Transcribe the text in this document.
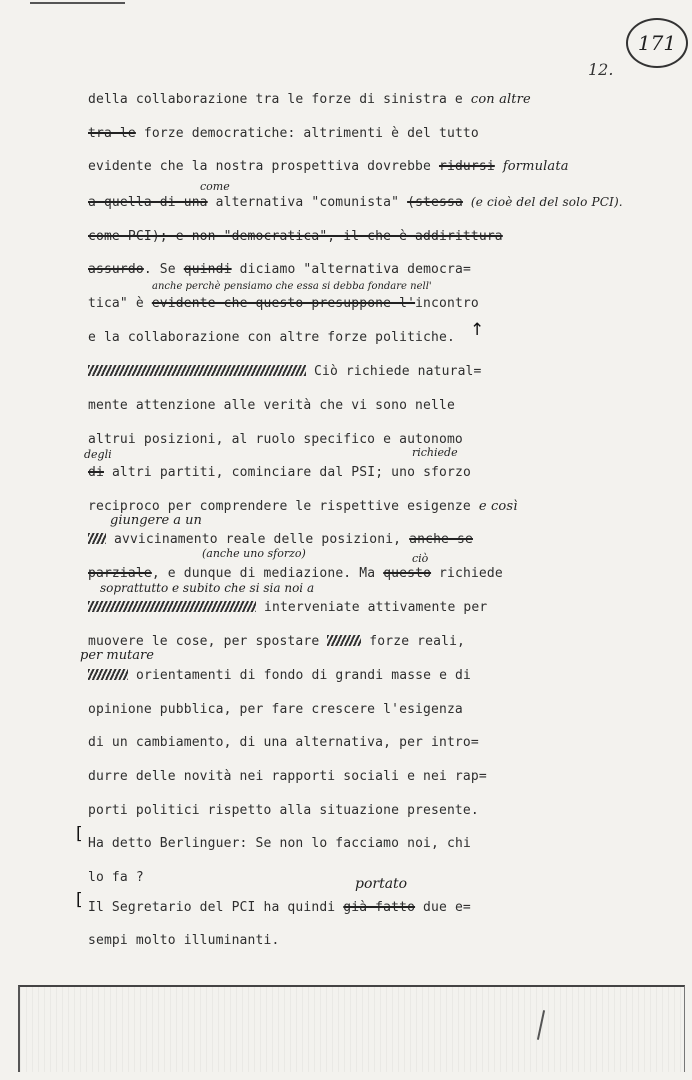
171
12.
della collaborazione tra le forze di sinistra e con altre
tra le forze democratiche: altrimenti è del tutto
evidente che la nostra prospettiva dovrebbe ridursi formulata
come
a quella di una alternativa "comunista" (stessa (e cioè del del solo PCI).
come PCI); e non "democratica", il che è addirittura
assurdo. Se quindi diciamo "alternativa democra=
anche perchè pensiamo che essa si debba fondare nell'
tica" è evidente che questo presuppone l'incontro
e la collaborazione con altre forze politiche. ↑
Ciò richiede natural=
mente attenzione alle verità che vi sono nelle
altrui posizioni, al ruolo specifico e autonomo
degli	richiede
di altri partiti, cominciare dal PSI; uno sforzo
reciproco per comprendere le rispettive esigenze e così
giungere a un
avvicinamento reale delle posizioni, anche se
(anche uno sforzo)	ciò
parziale, e dunque di mediazione. Ma questo richiede
soprattutto e subito che si sia noi a
interveniate attivamente per
muovere le cose, per spostare	forze reali,
per mutare
orientamenti di fondo di grandi masse e di
opinione pubblica, per fare crescere l'esigenza
di un cambiamento, di una alternativa, per intro=
durre delle novità nei rapporti sociali e nei rap=
porti politici rispetto alla situazione presente.
[ Ha detto Berlinguer: Se non lo facciamo noi, chi
lo fa ?	portato
[ Il Segretario del PCI ha quindi già fatto due e=
sempi molto illuminanti.
